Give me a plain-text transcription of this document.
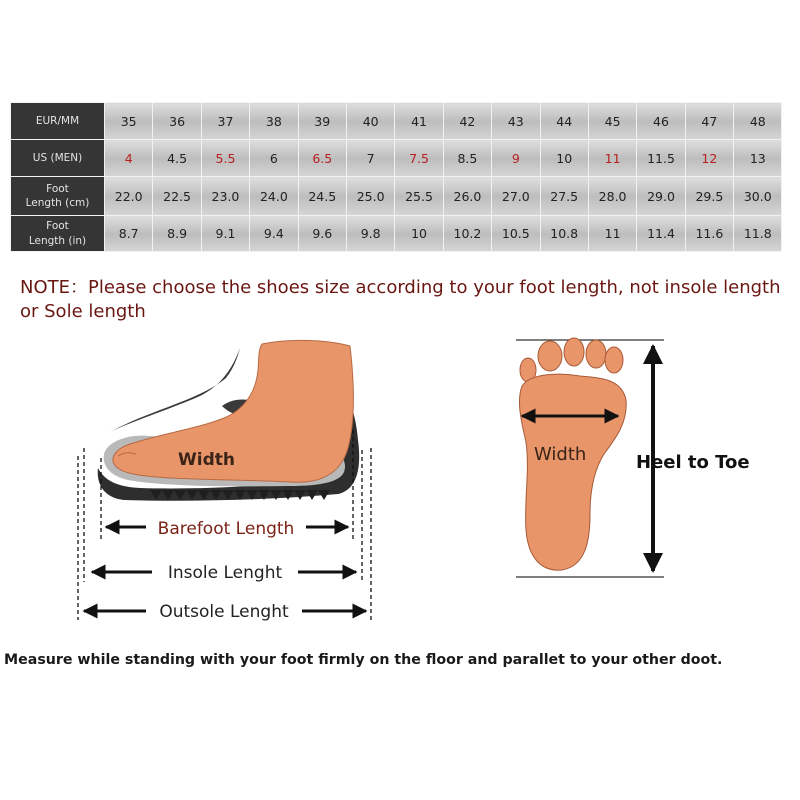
EUR/MM	35	36	37	38	39	40	41	42	43	44	45	46	47	48
US (MEN)	4	4.5	5.5	6	6.5	7	7.5	8.5	9	10	11	11.5	12	13
Foot
Length (cm)	22.0	22.5	23.0	24.0	24.5	25.0	25.5	26.0	27.0	27.5	28.0	29.0	29.5	30.0
Foot
Length (in)	8.7	8.9	9.1	9.4	9.6	9.8	10	10.2	10.5	10.8	11	11.4	11.6	11.8
NOTE：Please choose the shoes size according to your foot length, not insole length or Sole length
Width
Barefoot Length
Insole Lenght
Outsole Lenght
Width	Heel to Toe
Measure while standing with your foot firmly on the floor and parallet to your other doot.
